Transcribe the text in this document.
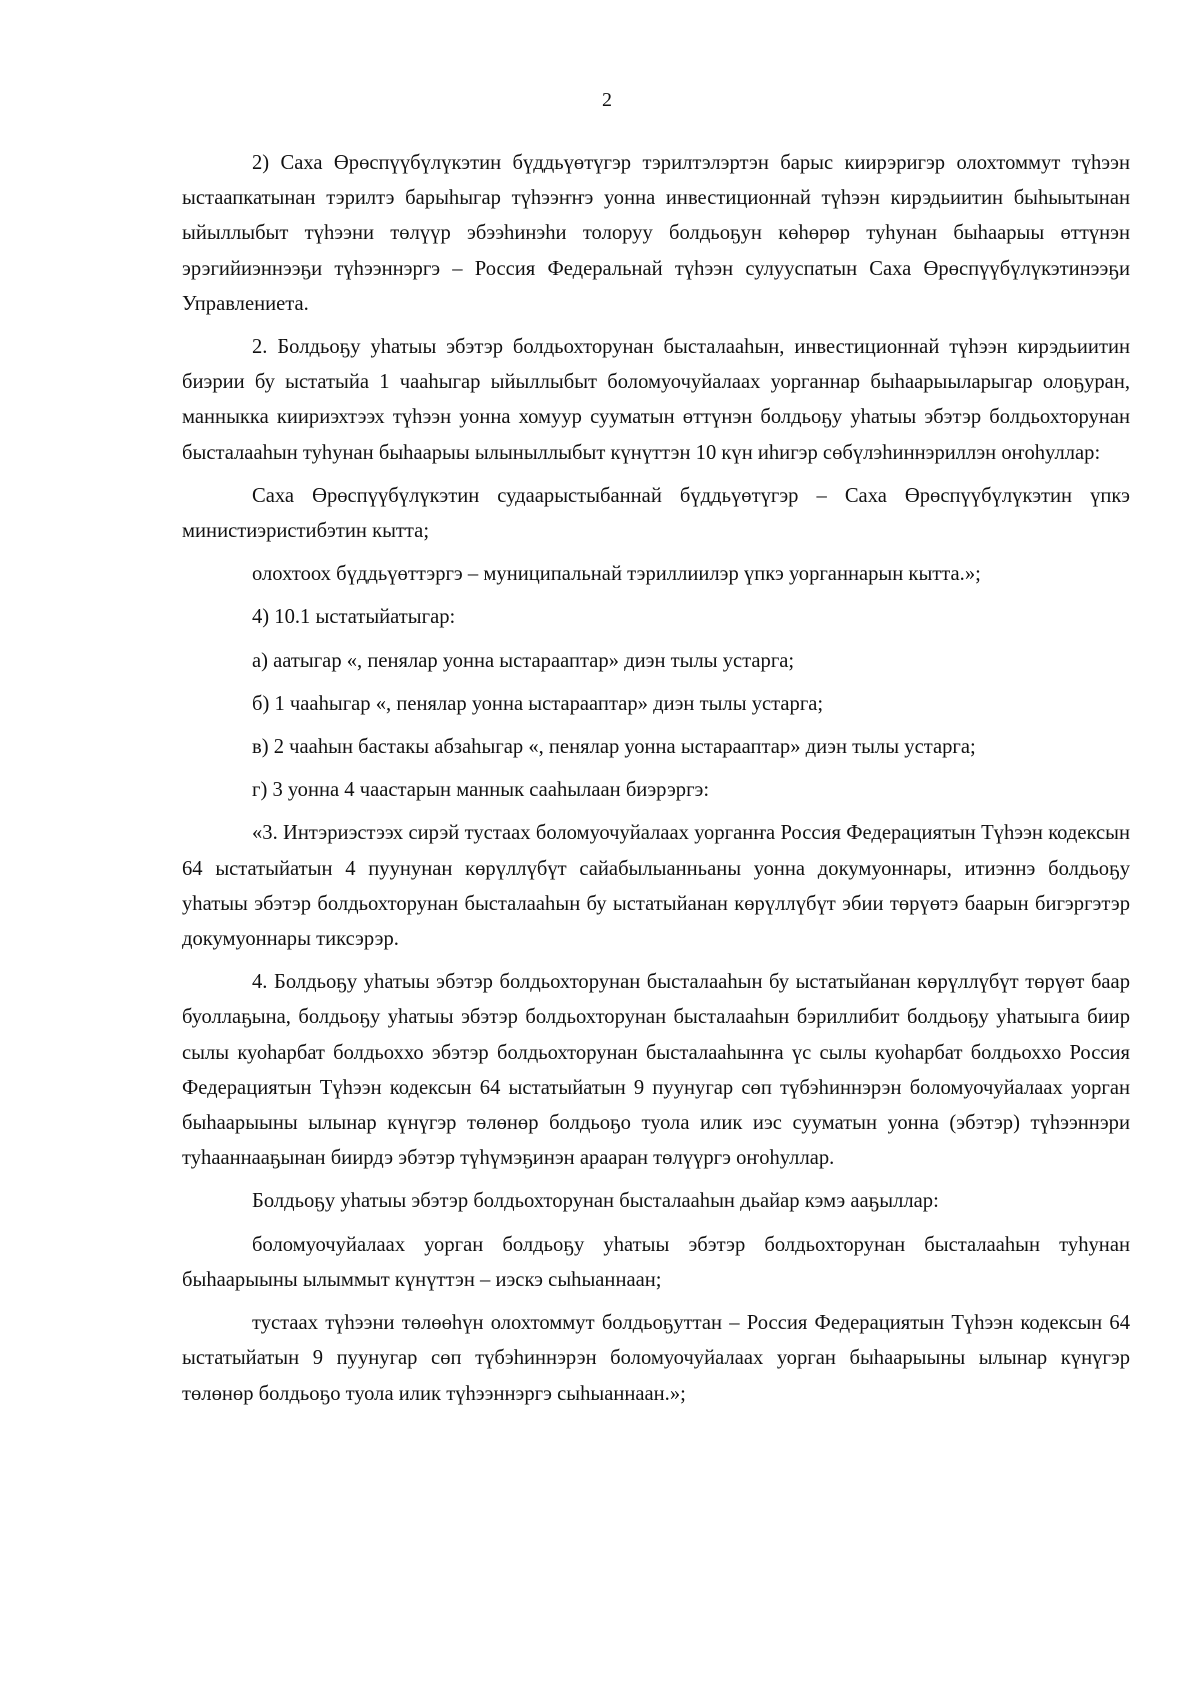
2

2) Саха Өрөспүүбүлүкэтин бүддьүөтүгэр тэрилтэлэртэн барыс киирэригэр олохтоммут түһээн ыстаапкатынан тэрилтэ барыһыгар түһээҥҥэ уонна инвестиционнай түһээн кирэдьиитин быһыытынан ыйыллыбыт түһээни төлүүр эбээһинэһи толоруу болдьоҕун көһөрөр туһунан быһаарыы өттүнэн эрэгийиэннээҕи түһээннэргэ – Россия Федеральнай түһээн сулууспатын Саха Өрөспүүбүлүкэтинээҕи Управлениета.

2. Болдьоҕу уһатыы эбэтэр болдьохторунан бысталааһын, инвестиционнай түһээн кирэдьиитин биэрии бу ыстатыйа 1 чааһыгар ыйыллыбыт боломуочуйалаах уорганнар быһаарыыларыгар олоҕуран, манныкка киириэхтээх түһээн уонна хомуур сууматын өттүнэн болдьоҕу уһатыы эбэтэр болдьохторунан бысталааһын туһунан быһаарыы ылыныллыбыт күнүттэн 10 күн иһигэр сөбүлэһиннэриллэн оҥоһуллар:

Саха Өрөспүүбүлүкэтин судаарыстыбаннай бүддьүөтүгэр – Саха Өрөспүүбүлүкэтин үпкэ министиэристибэтин кытта;

олохтоох бүддьүөттэргэ – муниципальнай тэриллиилэр үпкэ уорганнарын кытта.»;

4) 10.1 ыстатыйатыгар:

а) аатыгар «, пенялар уонна ыстарааптар» диэн тылы устарга;

б) 1 чааһыгар «, пенялар уонна ыстарааптар» диэн тылы устарга;

в) 2 чааһын бастакы абзаһыгар «, пенялар уонна ыстарааптар» диэн тылы устарга;

г) 3 уонна 4 чаастарын маннык сааһылаан биэрэргэ:

«3. Интэриэстээх сирэй тустаах боломуочуйалаах уорганҥа Россия Федерациятын Түһээн кодексын 64 ыстатыйатын 4 пуунунан көрүллүбүт сайабылыанньаны уонна докумуоннары, итиэннэ болдьоҕу уһатыы эбэтэр болдьохторунан бысталааһын бу ыстатыйанан көрүллүбүт эбии төрүөтэ баарын бигэргэтэр докумуоннары тиксэрэр.

4. Болдьоҕу уһатыы эбэтэр болдьохторунан бысталааһын бу ыстатыйанан көрүллүбүт төрүөт баар буоллаҕына, болдьоҕу уһатыы эбэтэр болдьохторунан бысталааһын бэриллибит болдьоҕу уһатыыга биир сылы куоһарбат болдьоххо эбэтэр болдьохторунан бысталааһынҥа үс сылы куоһарбат болдьоххо Россия Федерациятын Түһээн кодексын 64 ыстатыйатын 9 пуунугар сөп түбэһиннэрэн боломуочуйалаах уорган быһаарыыны ылынар күнүгэр төлөнөр болдьоҕо туола илик иэс сууматын уонна (эбэтэр) түһээннэри туһааннааҕынан биирдэ эбэтэр түһүмэҕинэн арааран төлүүргэ оҥоһуллар.

Болдьоҕу уһатыы эбэтэр болдьохторунан бысталааһын дьайар кэмэ ааҕыллар:

боломуочуйалаах уорган болдьоҕу уһатыы эбэтэр болдьохторунан бысталааһын туһунан быһаарыыны ылыммыт күнүттэн – иэскэ сыһыаннаан;

тустаах түһээни төлөөһүн олохтоммут болдьоҕуттан – Россия Федерациятын Түһээн кодексын 64 ыстатыйатын 9 пуунугар сөп түбэһиннэрэн боломуочуйалаах уорган быһаарыыны ылынар күнүгэр төлөнөр болдьоҕо туола илик түһээннэргэ сыһыаннаан.»;
